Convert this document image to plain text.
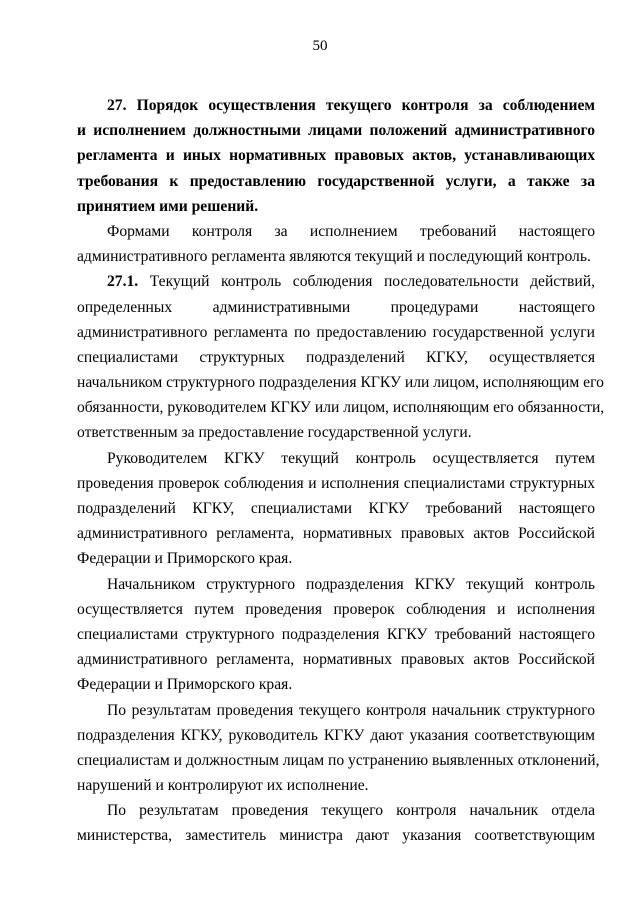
50
27. Порядок осуществления текущего контроля за соблюдением
и исполнением должностными лицами положений административного
регламента и иных нормативных правовых актов, устанавливающих
требования к предоставлению государственной услуги, а также за
принятием ими решений.
Формами контроля за исполнением требований настоящего
административного регламента являются текущий и последующий контроль.
27.1. Текущий контроль соблюдения последовательности действий,
определенных административными процедурами настоящего
административного регламента по предоставлению государственной услуги
специалистами структурных подразделений КГКУ, осуществляется
начальником структурного подразделения КГКУ или лицом, исполняющим его
обязанности, руководителем КГКУ или лицом, исполняющим его обязанности,
ответственным за предоставление государственной услуги.
Руководителем КГКУ текущий контроль осуществляется путем
проведения проверок соблюдения и исполнения специалистами структурных
подразделений КГКУ, специалистами КГКУ требований настоящего
административного регламента, нормативных правовых актов Российской
Федерации и Приморского края.
Начальником структурного подразделения КГКУ текущий контроль
осуществляется путем проведения проверок соблюдения и исполнения
специалистами структурного подразделения КГКУ требований настоящего
административного регламента, нормативных правовых актов Российской
Федерации и Приморского края.
По результатам проведения текущего контроля начальник структурного
подразделения КГКУ, руководитель КГКУ дают указания соответствующим
специалистам и должностным лицам по устранению выявленных отклонений,
нарушений и контролируют их исполнение.
По результатам проведения текущего контроля начальник отдела
министерства, заместитель министра дают указания соответствующим
